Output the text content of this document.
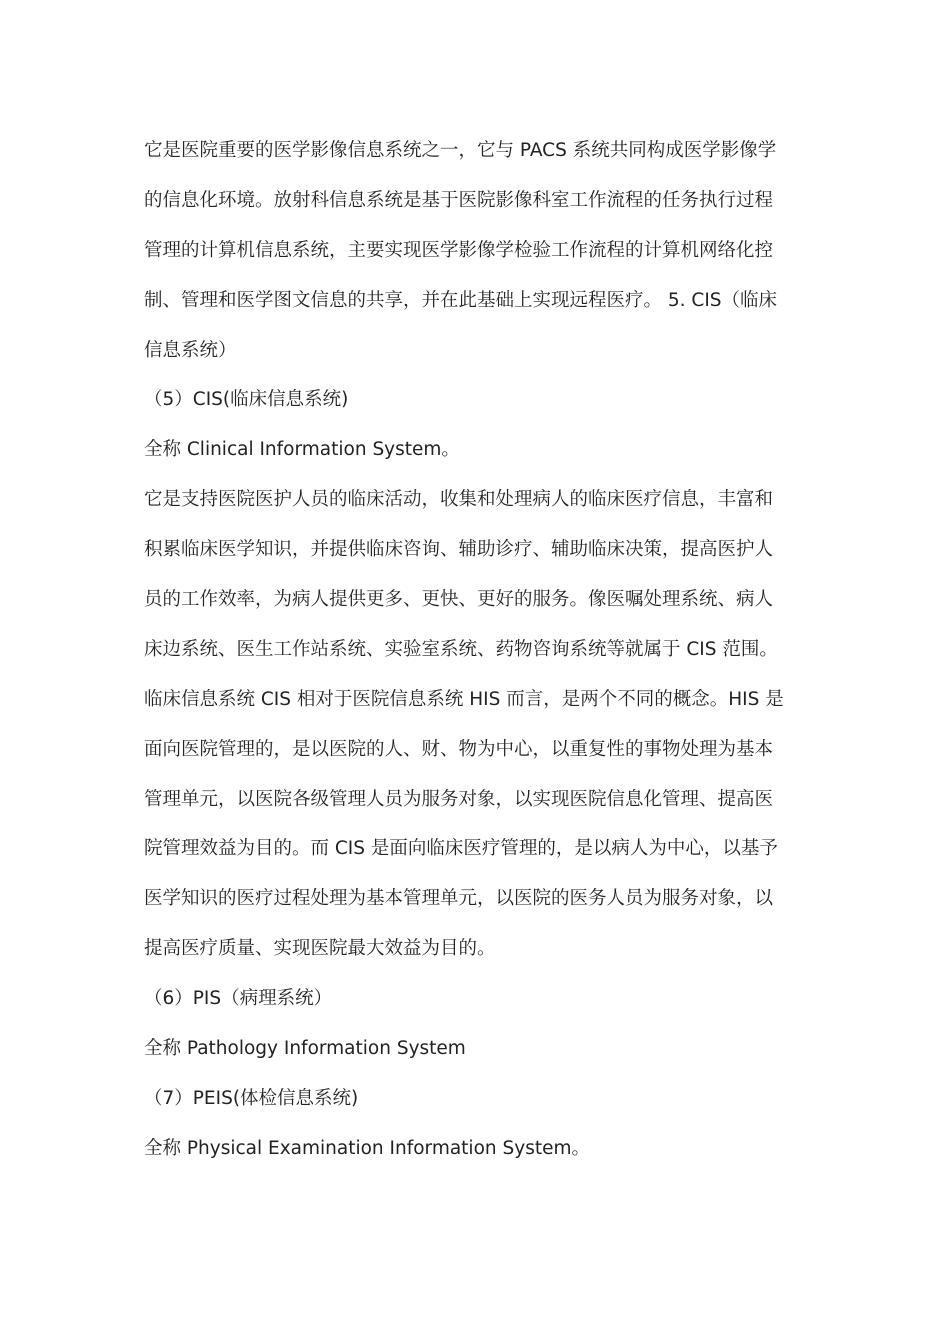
它是医院重要的医学影像信息系统之一，它与 PACS 系统共同构成医学影像学
的信息化环境。放射科信息系统是基于医院影像科室工作流程的任务执行过程
管理的计算机信息系统，主要实现医学影像学检验工作流程的计算机网络化控
制、管理和医学图文信息的共享，并在此基础上实现远程医疗。 5. CIS（临床
信息系统）
（5）CIS(临床信息系统)
全称 Clinical Information System。
它是支持医院医护人员的临床活动，收集和处理病人的临床医疗信息，丰富和
积累临床医学知识，并提供临床咨询、辅助诊疗、辅助临床决策，提高医护人
员的工作效率，为病人提供更多、更快、更好的服务。像医嘱处理系统、病人
床边系统、医生工作站系统、实验室系统、药物咨询系统等就属于 CIS 范围。
临床信息系统 CIS 相对于医院信息系统 HIS 而言，是两个不同的概念。HIS 是
面向医院管理的，是以医院的人、财、物为中心，以重复性的事物处理为基本
管理单元，以医院各级管理人员为服务对象，以实现医院信息化管理、提高医
院管理效益为目的。而 CIS 是面向临床医疗管理的，是以病人为中心，以基予
医学知识的医疗过程处理为基本管理单元，以医院的医务人员为服务对象，以
提高医疗质量、实现医院最大效益为目的。
（6）PIS（病理系统）
全称 Pathology Information System
（7）PEIS(体检信息系统)
全称 Physical Examination Information System。
